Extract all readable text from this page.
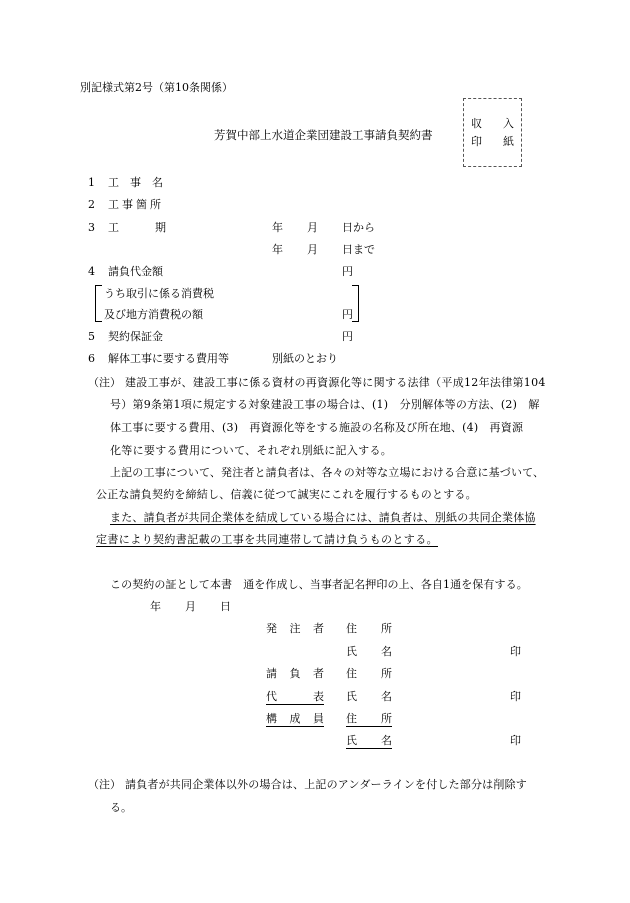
別記様式第2号（第10条関係）
芳賀中部上水道企業団建設工事請負契約書
収 入
印 紙
1 工　事　名
2 工事箇所
3 工	期	年 月 日から
年 月 日まで
4 請負代金額	円
うち取引に係る消費税
及び地方消費税の額	円
5 契約保証金	円
6 解体工事に要する費用等	別紙のとおり
（注） 建設工事が、建設工事に係る資材の再資源化等に関する法律（平成12年法律第104
号）第9条第1項に規定する対象建設工事の場合は、(1)　分別解体等の方法、(2)　解
体工事に要する費用、(3)　再資源化等をする施設の名称及び所在地、(4)　再資源
化等に要する費用について、それぞれ別紙に記入する。
上記の工事について、発注者と請負者は、各々の対等な立場における合意に基づいて、
公正な請負契約を締結し、信義に従つて誠実にこれを履行するものとする。
また、請負者が共同企業体を結成している場合には、請負者は、別紙の共同企業体協
定書により契約書記載の工事を共同連帯して請け負うものとする。
この契約の証として本書　通を作成し、当事者記名押印の上、各自1通を保有する。
年 月 日
発注者 住所
氏名	印
請負者 住所
代表 氏名	印
構成員 住所
氏名	印
（注） 請負者が共同企業体以外の場合は、上記のアンダーラインを付した部分は削除す
る。
